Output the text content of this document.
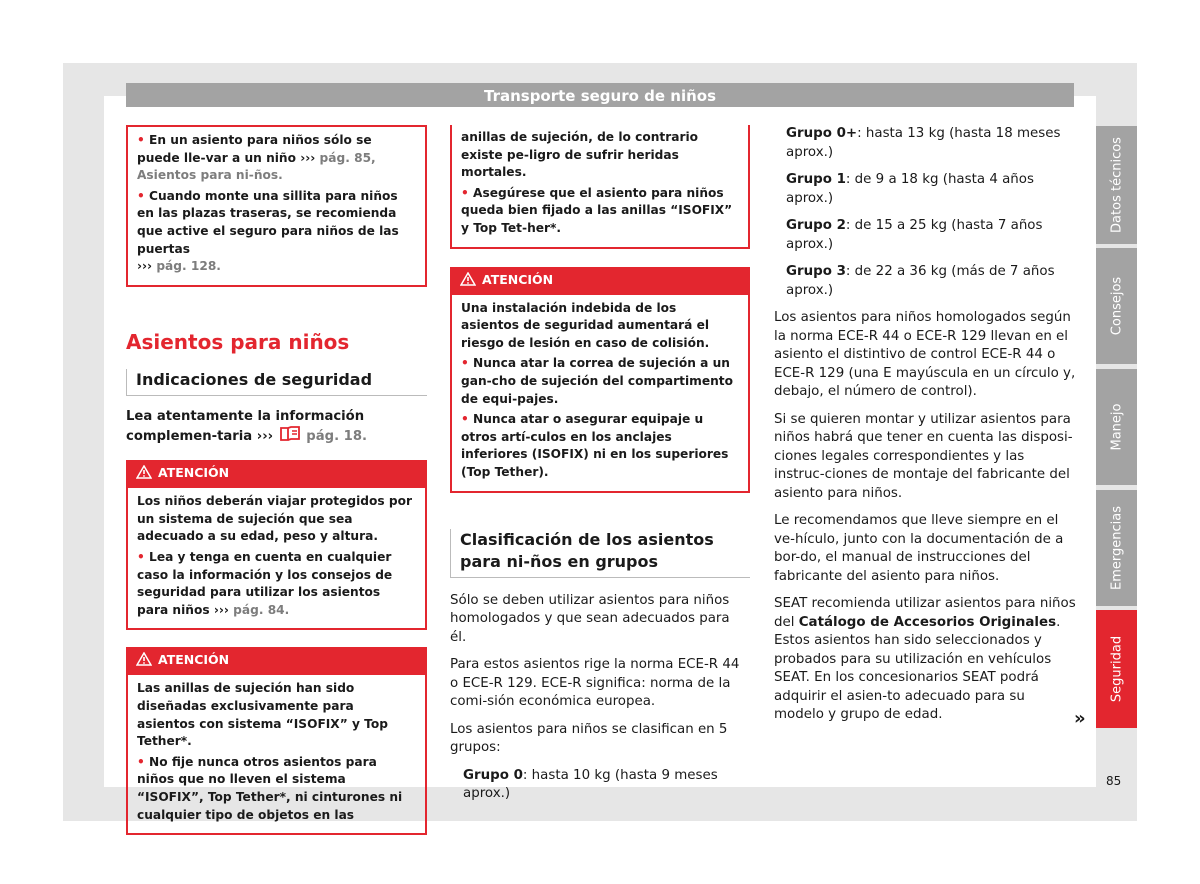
Transporte seguro de niños

• En un asiento para niños sólo se puede lle-var a un niño ››› pág. 85, Asientos para ni-ños.

• Cuando monte una sillita para niños en las plazas traseras, se recomienda que active el seguro para niños de las puertas
››› pág. 128.

Asientos para niños
Indicaciones de seguridad
Lea atentamente la información complemen-taria ›››  pág. 18.
ATENCIÓN

Los niños deberán viajar protegidos por un sistema de sujeción que sea adecuado a su edad, peso y altura.

• Lea y tenga en cuenta en cualquier caso la información y los consejos de seguridad para utilizar los asientos para niños ››› pág. 84.

ATENCIÓN

Las anillas de sujeción han sido diseñadas exclusivamente para asientos con sistema “ISOFIX” y Top Tether*.

• No fije nunca otros asientos para niños que no lleven el sistema “ISOFIX”, Top Tether*, ni cinturones ni cualquier tipo de objetos en las

anillas de sujeción, de lo contrario existe pe-ligro de sufrir heridas mortales.

• Asegúrese que el asiento para niños queda bien fijado a las anillas “ISOFIX” y Top Tet-her*.

ATENCIÓN

Una instalación indebida de los asientos de seguridad aumentará el riesgo de lesión en caso de colisión.

• Nunca atar la correa de sujeción a un gan-cho de sujeción del compartimento de equi-pajes.

• Nunca atar o asegurar equipaje u otros artí-culos en los anclajes inferiores (ISOFIX) ni en los superiores (Top Tether).

Clasificación de los asientos para ni-ños en grupos

Sólo se deben utilizar asientos para niños homologados y que sean adecuados para él.

Para estos asientos rige la norma ECE-R 44 o ECE-R 129. ECE-R significa: norma de la comi-sión económica europea.

Los asientos para niños se clasifican en 5 grupos:

Grupo 0: hasta 10 kg (hasta 9 meses aprox.)

Grupo 0+: hasta 13 kg (hasta 18 meses aprox.)

Grupo 1: de 9 a 18 kg (hasta 4 años aprox.)

Grupo 2: de 15 a 25 kg (hasta 7 años aprox.)

Grupo 3: de 22 a 36 kg (más de 7 años aprox.)

Los asientos para niños homologados según la norma ECE-R 44 o ECE-R 129 llevan en el asiento el distintivo de control ECE-R 44 o ECE-R 129 (una E mayúscula en un círculo y, debajo, el número de control).

Si se quieren montar y utilizar asientos para niños habrá que tener en cuenta las disposi-ciones legales correspondientes y las instruc-ciones de montaje del fabricante del asiento para niños.

Le recomendamos que lleve siempre en el ve-hículo, junto con la documentación de a bor-do, el manual de instrucciones del fabricante del asiento para niños.

SEAT recomienda utilizar asientos para niños del Catálogo de Accesorios Originales. Estos asientos han sido seleccionados y probados para su utilización en vehículos SEAT. En los concesionarios SEAT podrá adquirir el asien-to adecuado para su modelo y grupo de edad.	»
Datos técnicos
Consejos
Manejo
Emergencias
Seguridad
85
